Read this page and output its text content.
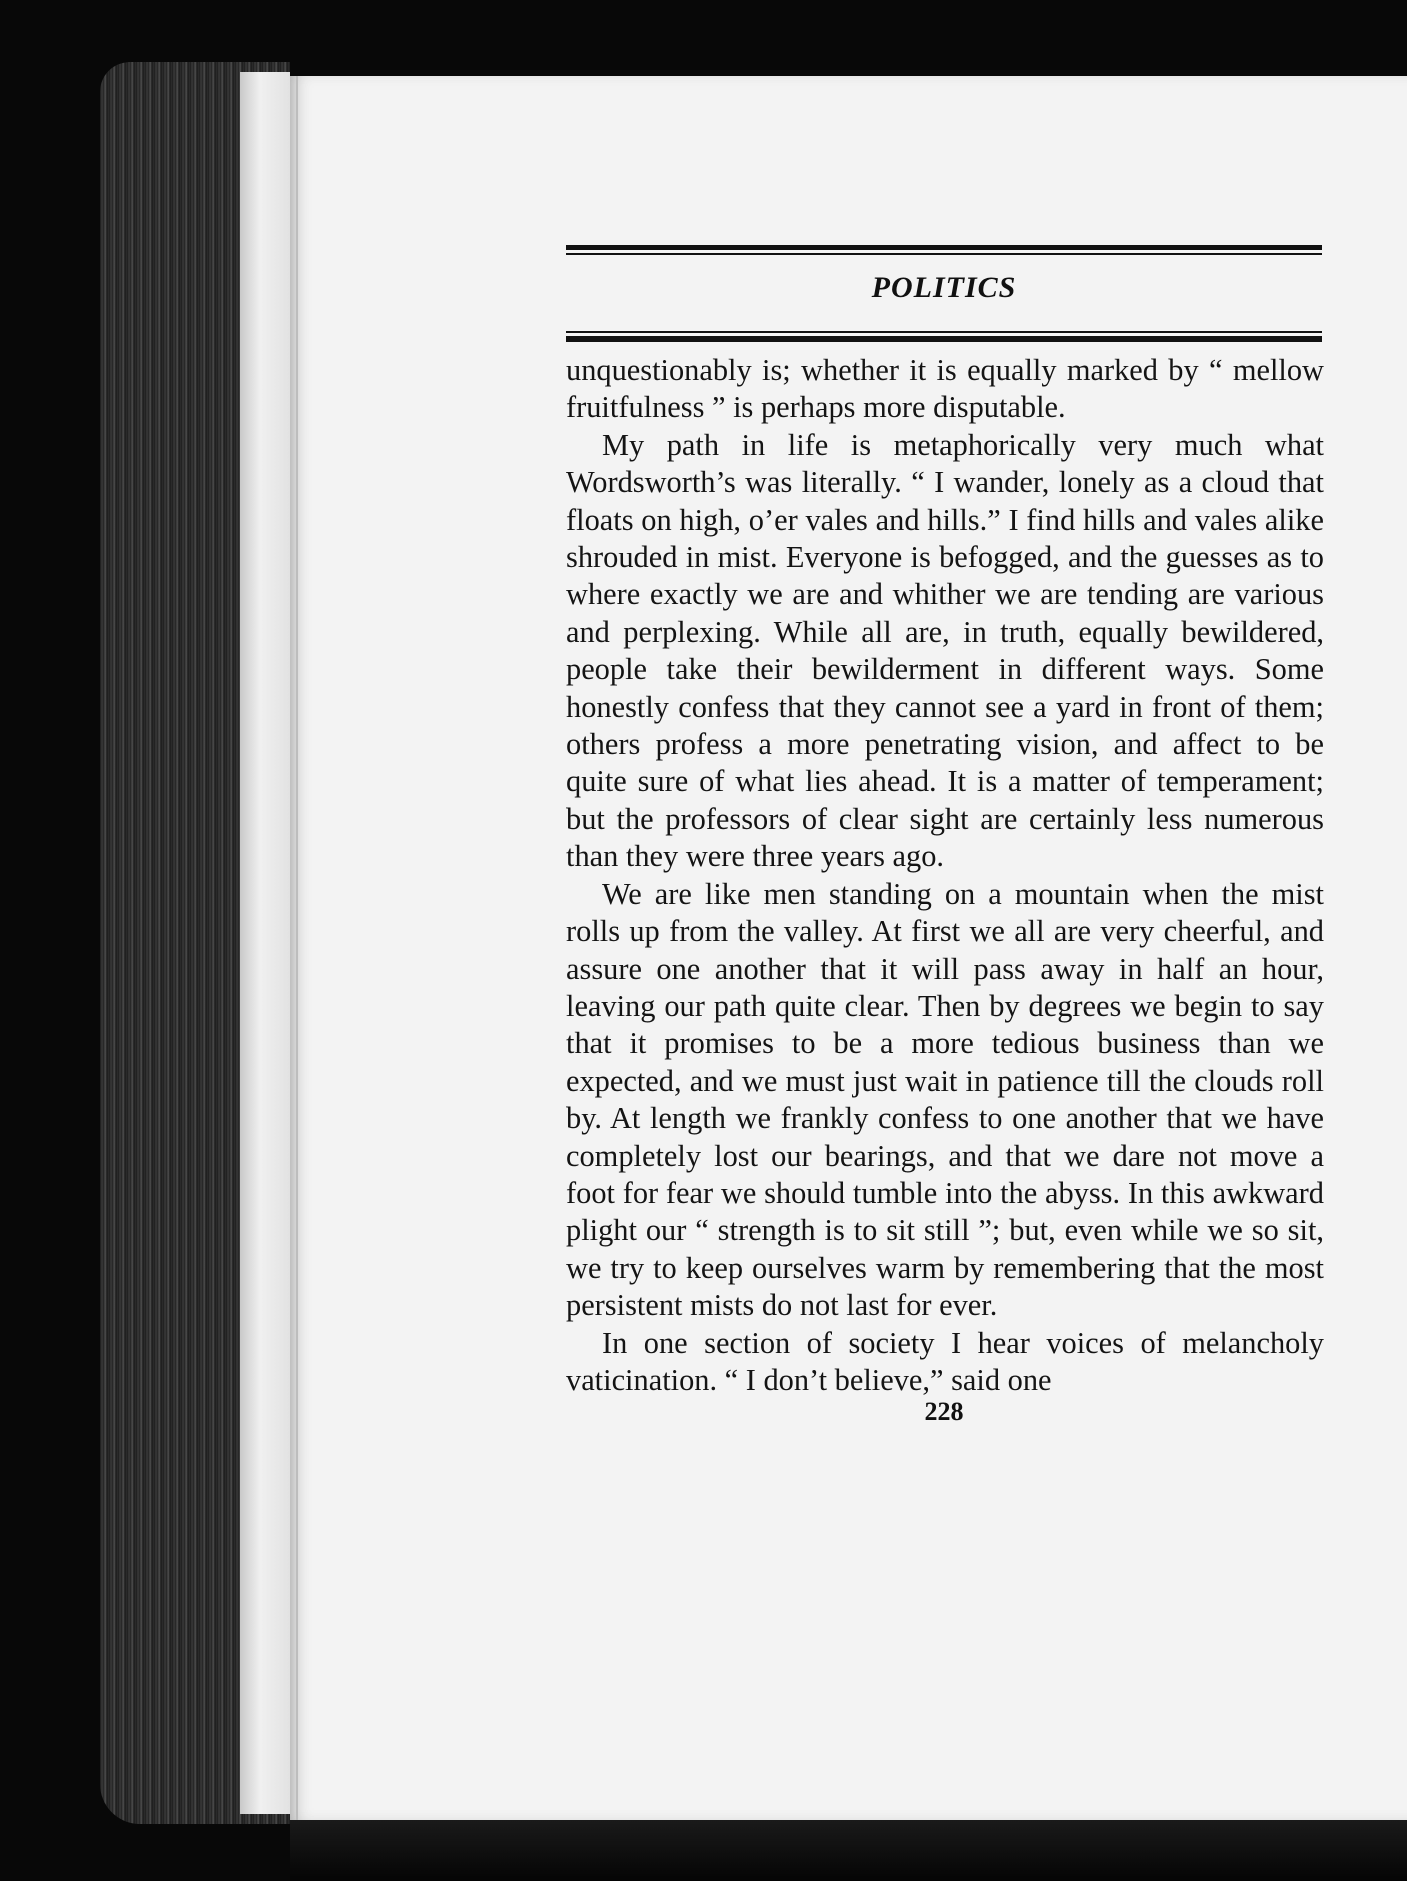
POLITICS

unquestionably is; whether it is equally marked by “ mellow fruitfulness ” is perhaps more disputable.

My path in life is metaphorically very much what Wordsworth’s was literally. “ I wander, lonely as a cloud that floats on high, o’er vales and hills.” I find hills and vales alike shrouded in mist. Everyone is befogged, and the guesses as to where exactly we are and whither we are tending are various and perplexing. While all are, in truth, equally bewildered, people take their bewilderment in different ways. Some honestly confess that they cannot see a yard in front of them; others profess a more penetrating vision, and affect to be quite sure of what lies ahead. It is a matter of temperament; but the professors of clear sight are certainly less numerous than they were three years ago.

We are like men standing on a mountain when the mist rolls up from the valley. At first we all are very cheerful, and assure one another that it will pass away in half an hour, leaving our path quite clear. Then by degrees we begin to say that it promises to be a more tedious business than we expected, and we must just wait in patience till the clouds roll by. At length we frankly confess to one another that we have completely lost our bearings, and that we dare not move a foot for fear we should tumble into the abyss. In this awkward plight our “ strength is to sit still ”; but, even while we so sit, we try to keep ourselves warm by remembering that the most persistent mists do not last for ever.

In one section of society I hear voices of melancholy vaticination. “ I don’t believe,” said one

228
